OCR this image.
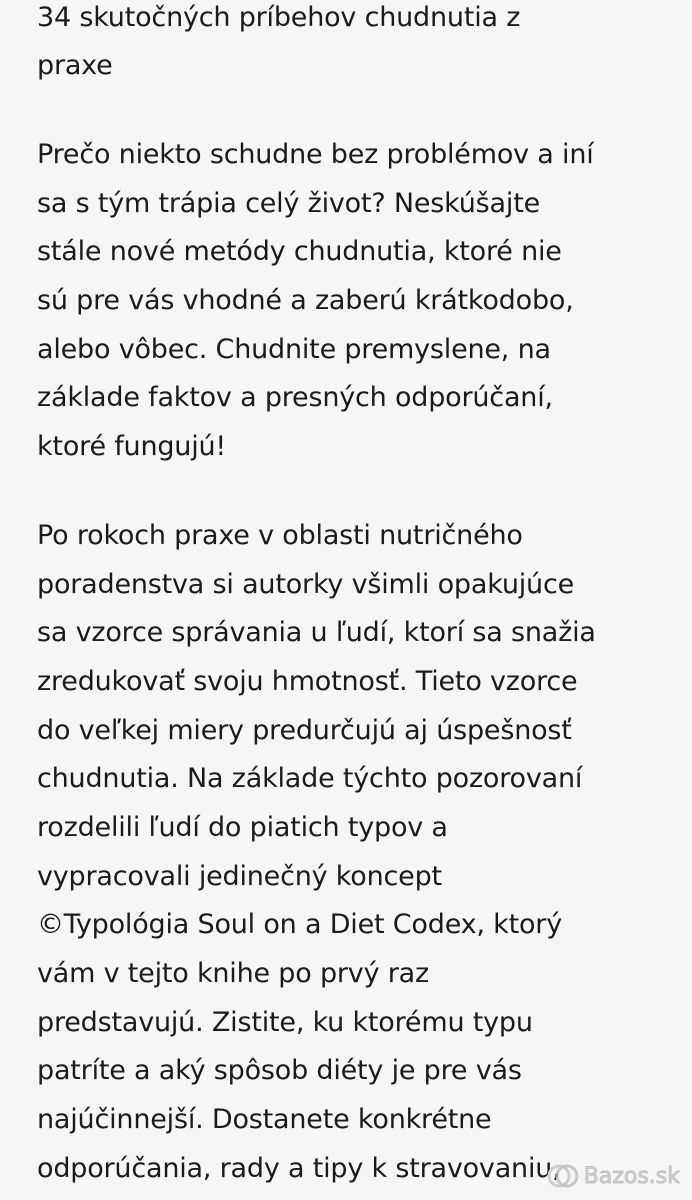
34 skutočných príbehov chudnutia z

praxe

Prečo niekto schudne bez problémov a iní

sa s tým trápia celý život? Neskúšajte

stále nové metódy chudnutia, ktoré nie

sú pre vás vhodné a zaberú krátkodobo,

alebo vôbec. Chudnite premyslene, na

základe faktov a presných odporúčaní,

ktoré fungujú!

Po rokoch praxe v oblasti nutričného

poradenstva si autorky všimli opakujúce

sa vzorce správania u ľudí, ktorí sa snažia

zredukovať svoju hmotnosť. Tieto vzorce

do veľkej miery predurčujú aj úspešnosť

chudnutia. Na základe týchto pozorovaní

rozdelili ľudí do piatich typov a

vypracovali jedinečný koncept

©Typológia Soul on a Diet Codex, ktorý

vám v tejto knihe po prvý raz

predstavujú. Zistite, ku ktorému typu

patríte a aký spôsob diéty je pre vás

najúčinnejší. Dostanete konkrétne

odporúčania, rady a tipy k stravovaniu, Bazos.sk
